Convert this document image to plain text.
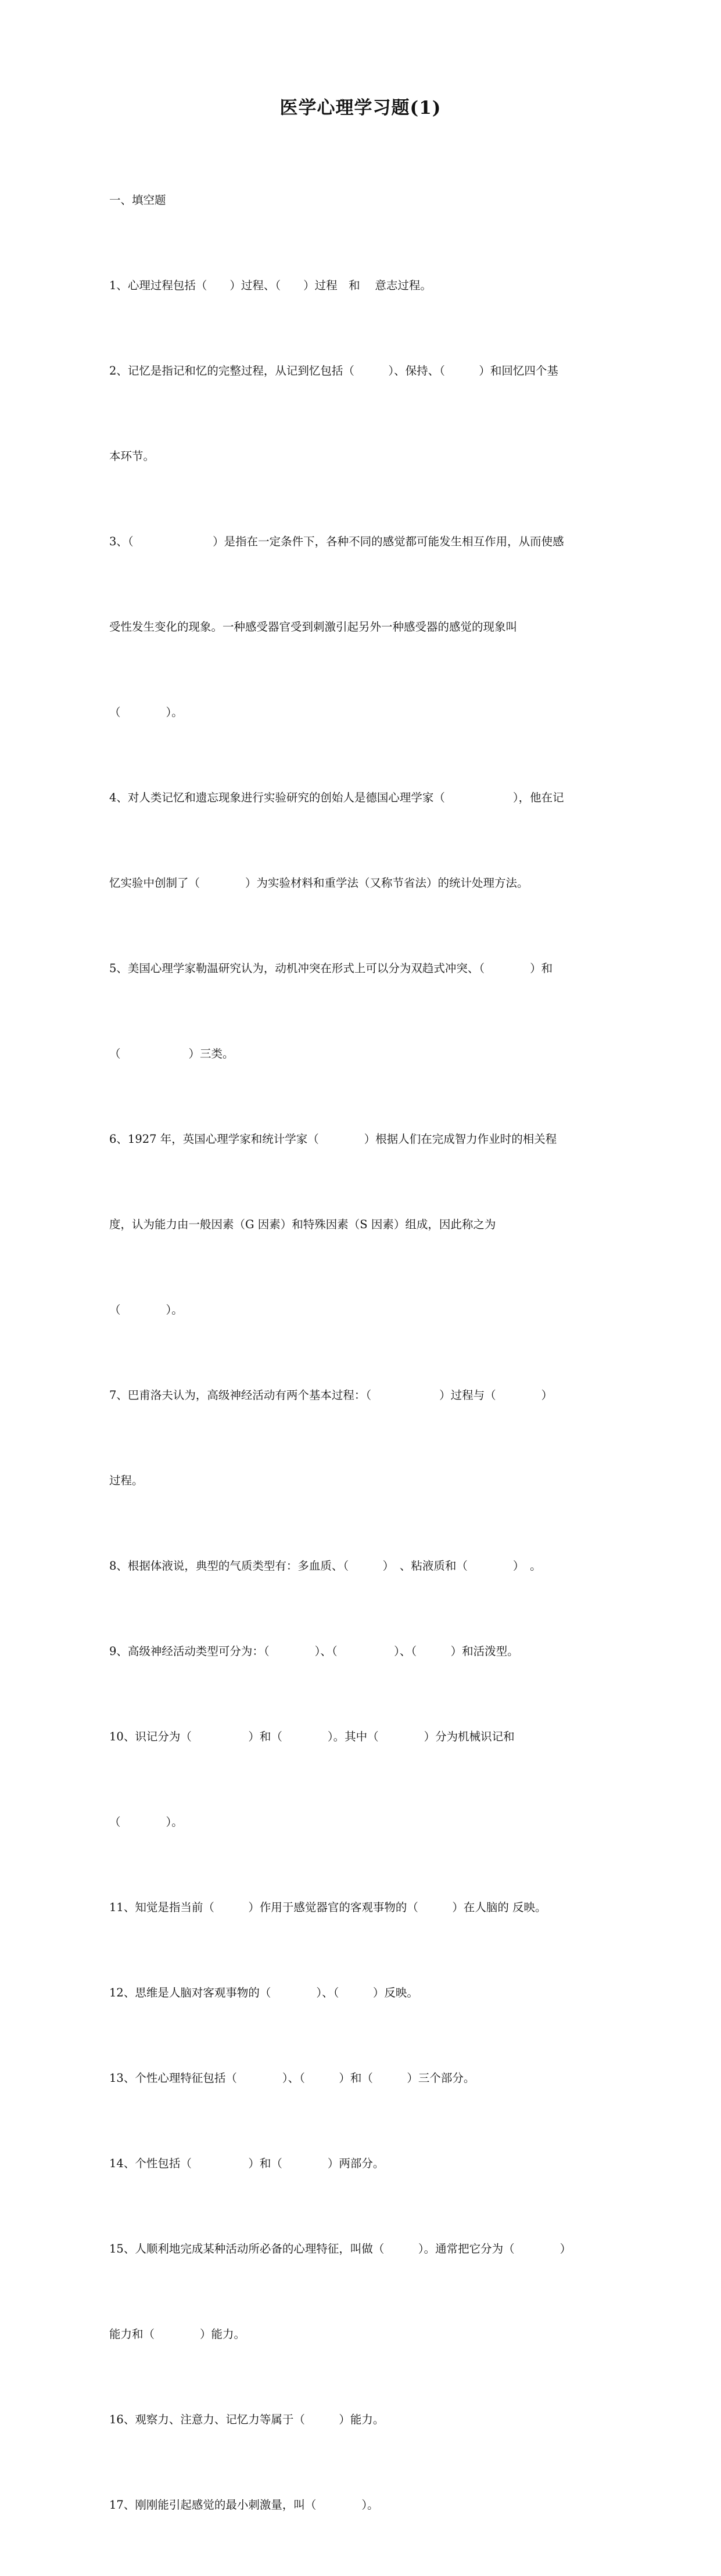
医学心理学习题(1)

一、填空题

1、心理过程包括（　　）过程、（　　）过程　和　 意志过程。

2、记忆是指记和忆的完整过程，从记到忆包括（　　　）、保持、（　　　）和回忆四个基

本环节。

3、（　　　　　　　）是指在一定条件下，各种不同的感觉都可能发生相互作用，从而使感

受性发生变化的现象。一种感受器官受到刺激引起另外一种感受器的感觉的现象叫

（　　　　）。

4、对人类记忆和遗忘现象进行实验研究的创始人是德国心理学家（　　　　　　），他在记

忆实验中创制了（　　　　）为实验材料和重学法（又称节省法）的统计处理方法。

5、美国心理学家勒温研究认为，动机冲突在形式上可以分为双趋式冲突、（　　　　）和

（　　　　　　）三类。

6、1927 年，英国心理学家和统计学家（　　　　）根据人们在完成智力作业时的相关程

度，认为能力由一般因素（G 因素）和特殊因素（S 因素）组成，因此称之为

（　　　　）。

7、巴甫洛夫认为，高级神经活动有两个基本过程：（　　　　　　）过程与（　　　　）

过程。

8、根据体液说，典型的气质类型有：多血质、（　　　）　、粘液质和（　　　　）　。

9、高级神经活动类型可分为：（　　　　）、（　　　　　）、（　　　）和活泼型。

10、识记分为（　　　　　）和（　　　　）。其中（　　　　）分为机械识记和

（　　　　）。

11、知觉是指当前（　　　）作用于感觉器官的客观事物的（　　　）在人脑的 反映。

12、思维是人脑对客观事物的（　　　　）、（　　　）反映。

13、个性心理特征包括（　　　　）、（　　　）和（　　　）三个部分。

14、个性包括（　　　　　）和（　　　　）两部分。

15、人顺利地完成某种活动所必备的心理特征，叫做（　　　）。通常把它分为（　　　　）

能力和（　　　　）能力。

16、观察力、注意力、记忆力等属于（　　　）能力。

17、刚刚能引起感觉的最小刺激量，叫（　　　　）。
